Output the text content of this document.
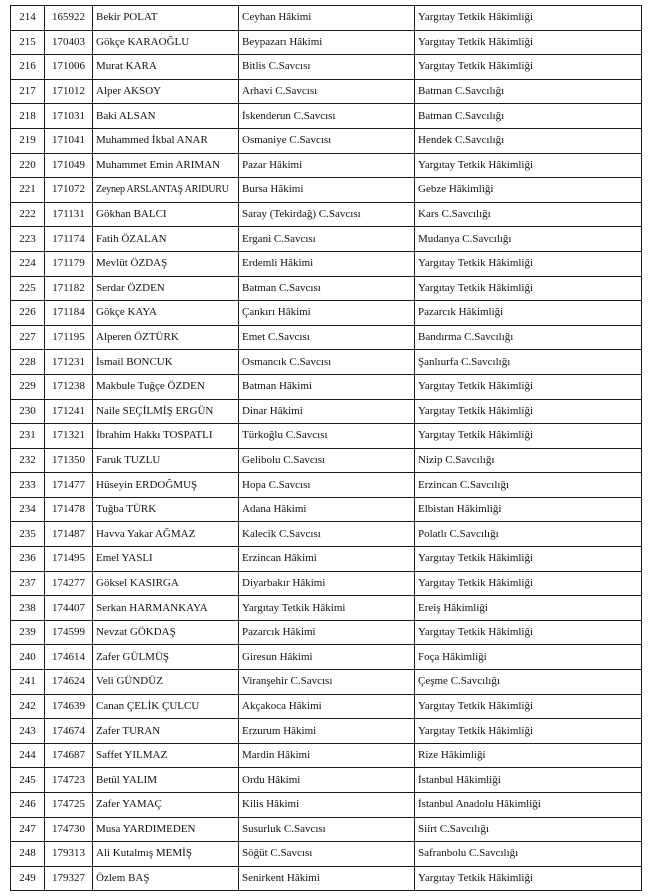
214	165922	Bekir POLAT	Ceyhan Hâkimi	Yargıtay Tetkik Hâkimliği
215	170403	Gökçe KARAOĞLU	Beypazarı Hâkimi	Yargıtay Tetkik Hâkimliği
216	171006	Murat KARA	Bitlis C.Savcısı	Yargıtay Tetkik Hâkimliği
217	171012	Alper AKSOY	Arhavi C.Savcısı	Batman C.Savcılığı
218	171031	Baki ALSAN	İskenderun C.Savcısı	Batman C.Savcılığı
219	171041	Muhammed İkbal ANAR	Osmaniye C.Savcısı	Hendek C.Savcılığı
220	171049	Muhammet Emin ARIMAN	Pazar Hâkimi	Yargıtay Tetkik Hâkimliği
221	171072	Zeynep ARSLANTAŞ ARIDURU	Bursa Hâkimi	Gebze Hâkimliği
222	171131	Gökhan BALCI	Saray (Tekirdağ) C.Savcısı	Kars C.Savcılığı
223	171174	Fatih ÖZALAN	Ergani C.Savcısı	Mudanya C.Savcılığı
224	171179	Mevlüt ÖZDAŞ	Erdemli Hâkimi	Yargıtay Tetkik Hâkimliği
225	171182	Serdar ÖZDEN	Batman C.Savcısı	Yargıtay Tetkik Hâkimliği
226	171184	Gökçe KAYA	Çankırı Hâkimi	Pazarcık Hâkimliği
227	171195	Alperen ÖZTÜRK	Emet C.Savcısı	Bandırma C.Savcılığı
228	171231	İsmail BONCUK	Osmancık C.Savcısı	Şanlıurfa C.Savcılığı
229	171238	Makbule Tuğçe ÖZDEN	Batman Hâkimi	Yargıtay Tetkik Hâkimliği
230	171241	Naile SEÇİLMİŞ ERGÜN	Dinar Hâkimi	Yargıtay Tetkik Hâkimliği
231	171321	İbrahim Hakkı TOSPATLI	Türkoğlu C.Savcısı	Yargıtay Tetkik Hâkimliği
232	171350	Faruk TUZLU	Gelibolu C.Savcısı	Nizip C.Savcılığı
233	171477	Hüseyin ERDOĞMUŞ	Hopa C.Savcısı	Erzincan C.Savcılığı
234	171478	Tuğba TÜRK	Adana Hâkimi	Elbistan Hâkimliği
235	171487	Havva Yakar AĞMAZ	Kalecik C.Savcısı	Polatlı C.Savcılığı
236	171495	Emel YASLI	Erzincan Hâkimi	Yargıtay Tetkik Hâkimliği
237	174277	Göksel KASIRGA	Diyarbakır Hâkimi	Yargıtay Tetkik Hâkimliği
238	174407	Serkan HARMANKAYA	Yargıtay Tetkik Hâkimi	Ereiş Hâkimliği
239	174599	Nevzat GÖKDAŞ	Pazarcık Hâkimi	Yargıtay Tetkik Hâkimliği
240	174614	Zafer GÜLMÜŞ	Giresun Hâkimi	Foça Hâkimliği
241	174624	Veli GÜNDÜZ	Viranşehir C.Savcısı	Çeşme C.Savcılığı
242	174639	Canan ÇELİK ÇULCU	Akçakoca Hâkimi	Yargıtay Tetkik Hâkimliği
243	174674	Zafer TURAN	Erzurum Hâkimi	Yargıtay Tetkik Hâkimliği
244	174687	Saffet YILMAZ	Mardin Hâkimi	Rize Hâkimliği
245	174723	Betül YALIM	Ordu Hâkimi	İstanbul Hâkimliği
246	174725	Zafer YAMAÇ	Kilis Hâkimi	İstanbul Anadolu Hâkimliği
247	174730	Musa YARDIMEDEN	Susurluk C.Savcısı	Siirt C.Savcılığı
248	179313	Ali Kutalmış MEMİŞ	Söğüt C.Savcısı	Safranbolu C.Savcılığı
249	179327	Özlem BAŞ	Senirkent Hâkimi	Yargıtay Tetkik Hâkimliği
